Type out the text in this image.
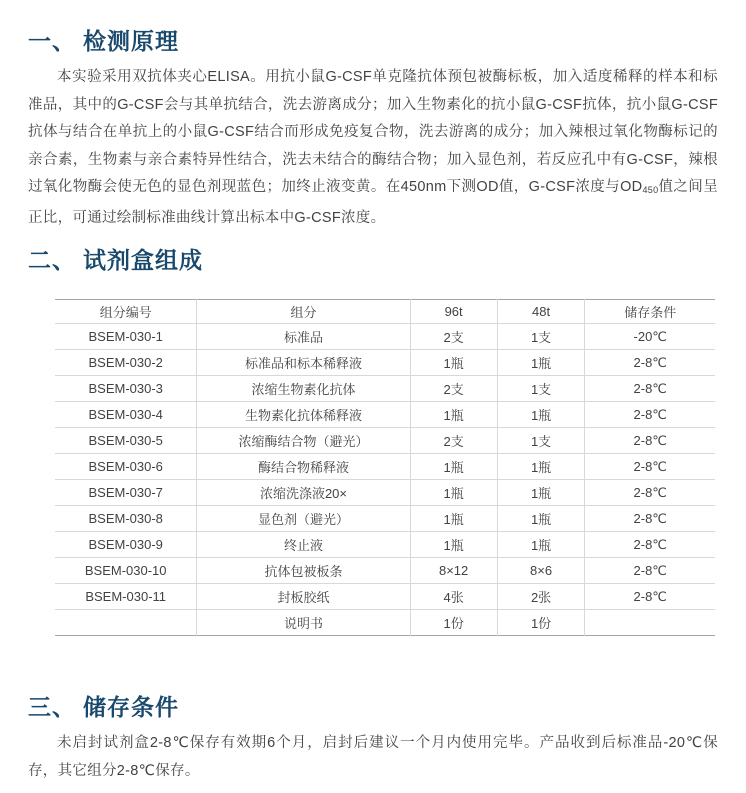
一、 检测原理

本实验采用双抗体夹心ELISA。用抗小鼠G-CSF单克隆抗体预包被酶标板，加入适度稀释的样本和标准品，其中的G-CSF会与其单抗结合，洗去游离成分；加入生物素化的抗小鼠G-CSF抗体，抗小鼠G-CSF抗体与结合在单抗上的小鼠G-CSF结合而形成免疫复合物，洗去游离的成分；加入辣根过氧化物酶标记的亲合素，生物素与亲合素特异性结合，洗去未结合的酶结合物；加入显色剂，若反应孔中有G-CSF，辣根过氧化物酶会使无色的显色剂现蓝色；加终止液变黄。在450nm下测OD值，G-CSF浓度与OD450值之间呈正比，可通过绘制标准曲线计算出标本中G-CSF浓度。

二、 试剂盒组成
组分编号	组分	96t	48t	储存条件
BSEM-030-1	标准品	2支	1支	-20℃
BSEM-030-2	标准品和标本稀释液	1瓶	1瓶	2-8℃
BSEM-030-3	浓缩生物素化抗体	2支	1支	2-8℃
BSEM-030-4	生物素化抗体稀释液	1瓶	1瓶	2-8℃
BSEM-030-5	浓缩酶结合物（避光）	2支	1支	2-8℃
BSEM-030-6	酶结合物稀释液	1瓶	1瓶	2-8℃
BSEM-030-7	浓缩洗涤液20×	1瓶	1瓶	2-8℃
BSEM-030-8	显色剂（避光）	1瓶	1瓶	2-8℃
BSEM-030-9	终止液	1瓶	1瓶	2-8℃
BSEM-030-10	抗体包被板条	8×12	8×6	2-8℃
BSEM-030-11	封板胶纸	4张	2张	2-8℃
	说明书	1份	1份	
三、 储存条件

未启封试剂盒2-8℃保存有效期6个月，启封后建议一个月内使用完毕。产品收到后标准品-20℃保存，其它组分2-8℃保存。
